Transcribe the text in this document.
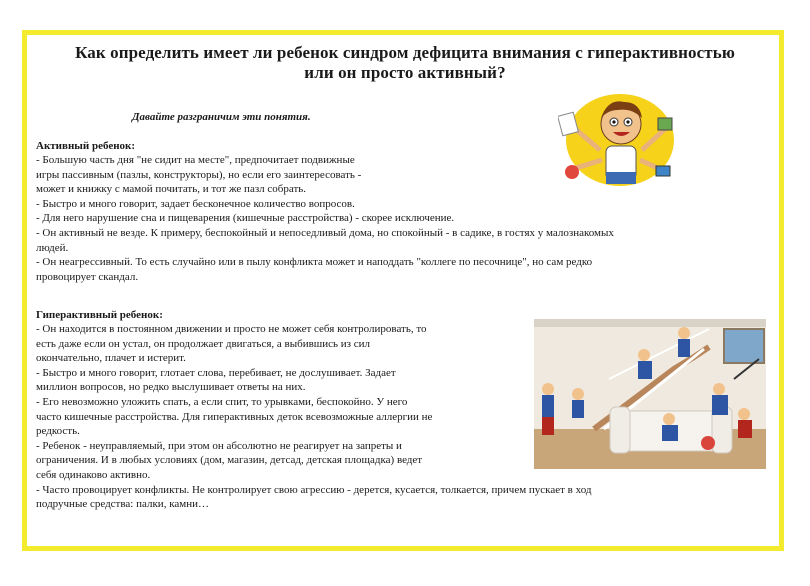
Как определить имеет ли ребенок синдром дефицита внимания с гиперактивностью
или он просто активный?
Давайте разграничим эти понятия.
Активный ребенок:
- Большую часть дня "не сидит на месте", предпочитает подвижные
игры пассивным (пазлы, конструкторы), но если его заинтересовать -
может и книжку с мамой почитать, и тот же пазл собрать.
- Быстро и много говорит, задает бесконечное количество вопросов.
- Для него нарушение сна и пищеварения (кишечные расстройства) - скорее исключение.
- Он активный не везде. К примеру, беспокойный и непоседливый дома, но спокойный - в садике, в гостях у малознакомых
людей.
- Он неагрессивный. То есть случайно или в пылу конфликта может и наподдать "коллеге по песочнице", но сам редко
провоцирует скандал.
Гиперактивный ребенок:
- Он находится в постоянном движении и просто не может себя контролировать, то
есть даже если он устал, он продолжает двигаться, а выбившись из сил
окончательно, плачет и истерит.
- Быстро и много говорит, глотает слова, перебивает, не дослушивает. Задает
миллион вопросов, но редко выслушивает ответы на них.
- Его невозможно уложить спать, а если спит, то урывками, беспокойно. У него
часто кишечные расстройства. Для гиперактивных деток всевозможные аллергии не
редкость.
- Ребенок - неуправляемый, при этом он абсолютно не реагирует на запреты и
ограничения. И в любых условиях (дом, магазин, детсад, детская площадка) ведет
себя одинаково активно.
- Часто провоцирует конфликты. Не контролирует свою агрессию - дерется, кусается, толкается, причем пускает в ход
подручные средства: палки, камни…
